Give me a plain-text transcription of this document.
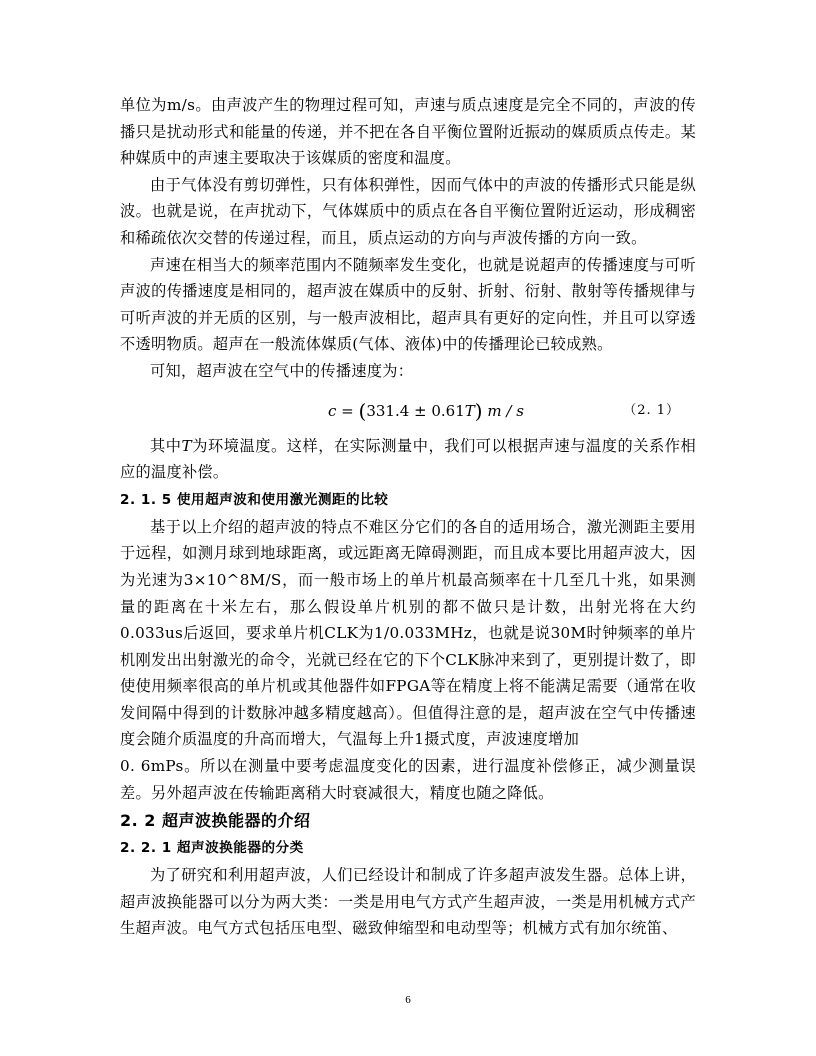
单位为m/s。由声波产生的物理过程可知，声速与质点速度是完全不同的，声波的传播只是扰动形式和能量的传递，并不把在各自平衡位置附近振动的媒质质点传走。某种媒质中的声速主要取决于该媒质的密度和温度。

由于气体没有剪切弹性，只有体积弹性，因而气体中的声波的传播形式只能是纵波。也就是说，在声扰动下，气体媒质中的质点在各自平衡位置附近运动，形成稠密和稀疏依次交替的传递过程，而且，质点运动的方向与声波传播的方向一致。

声速在相当大的频率范围内不随频率发生变化，也就是说超声的传播速度与可听声波的传播速度是相同的，超声波在媒质中的反射、折射、衍射、散射等传播规律与可听声波的并无质的区别，与一般声波相比，超声具有更好的定向性，并且可以穿透不透明物质。超声在一般流体媒质(气体、液体)中的传播理论已较成熟。

可知，超声波在空气中的传播速度为：

c = (331.4 ± 0.61T) m / s	（2. 1）

其中T为环境温度。这样，在实际测量中，我们可以根据声速与温度的关系作相应的温度补偿。

2. 1. 5 使用超声波和使用激光测距的比较

基于以上介绍的超声波的特点不难区分它们的各自的适用场合，激光测距主要用于远程，如测月球到地球距离，或远距离无障碍测距，而且成本要比用超声波大，因为光速为3×10^8M/S，而一般市场上的单片机最高频率在十几至几十兆，如果测量的距离在十米左右，那么假设单片机别的都不做只是计数，出射光将在大约0.033us后返回，要求单片机CLK为1/0.033MHz，也就是说30M时钟频率的单片机刚发出出射激光的命令，光就已经在它的下个CLK脉冲来到了，更别提计数了，即使使用频率很高的单片机或其他器件如FPGA等在精度上将不能满足需要（通常在收发间隔中得到的计数脉冲越多精度越高）。但值得注意的是，超声波在空气中传播速度会随介质温度的升高而增大，气温每上升1摄式度，声波速度增加

0. 6mPs。所以在测量中要考虑温度变化的因素，进行温度补偿修正，减少测量误差。另外超声波在传输距离稍大时衰减很大，精度也随之降低。

2. 2 超声波换能器的介绍
2. 2. 1 超声波换能器的分类

为了研究和利用超声波，人们已经设计和制成了许多超声波发生器。总体上讲，超声波换能器可以分为两大类：一类是用电气方式产生超声波，一类是用机械方式产生超声波。电气方式包括压电型、磁致伸缩型和电动型等；机械方式有加尔统笛、

6
